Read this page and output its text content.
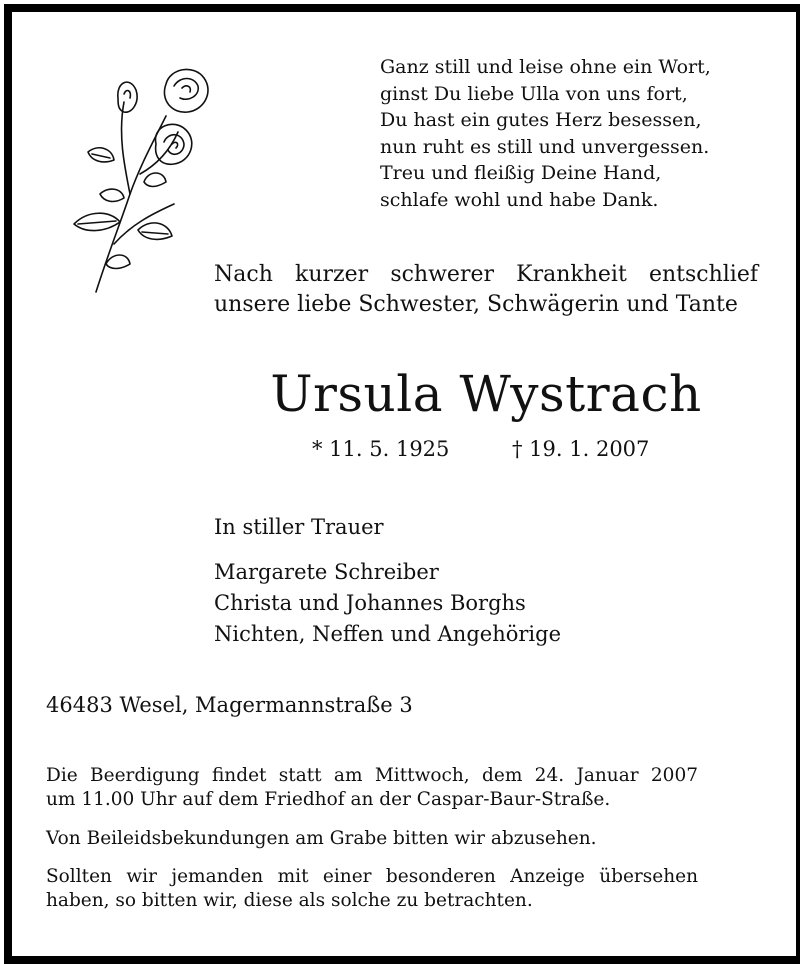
Ganz still und leise ohne ein Wort,
ginst Du liebe Ulla von uns fort,
Du hast ein gutes Herz besessen,
nun ruht es still und unvergessen.
Treu und fleißig Deine Hand,
schlafe wohl und habe Dank.
Nach kurzer schwerer Krankheit entschlief
unsere liebe Schwester, Schwägerin und Tante
Ursula Wystrach
* 11. 5. 1925	† 19. 1. 2007
In stiller Trauer
Margarete Schreiber
Christa und Johannes Borghs
Nichten, Neffen und Angehörige
46483 Wesel, Magermannstraße 3
Die Beerdigung findet statt am Mittwoch, dem 24. Januar 2007
um 11.00 Uhr auf dem Friedhof an der Caspar-Baur-Straße.
Von Beileidsbekundungen am Grabe bitten wir abzusehen.
Sollten wir jemanden mit einer besonderen Anzeige übersehen
haben, so bitten wir, diese als solche zu betrachten.
